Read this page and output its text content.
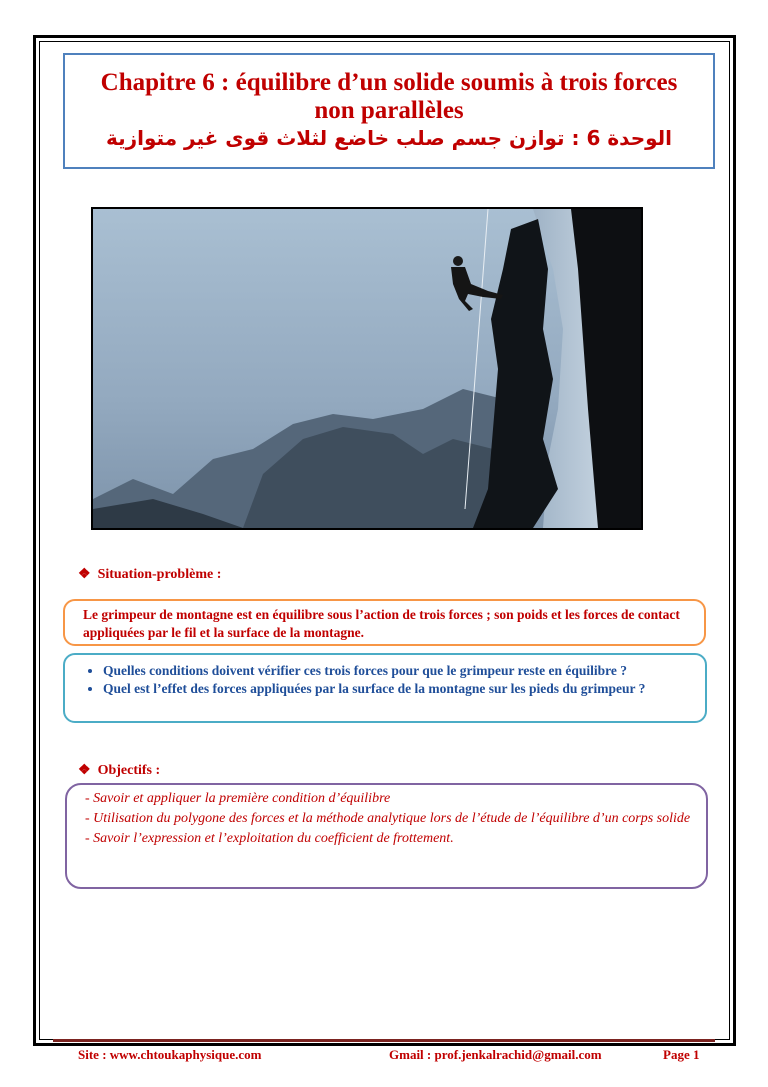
Chapitre 6 : équilibre d’un solide soumis à trois forces
non parallèles
الوحدة 6 : توازن جسم صلب خاضع لثلاث قوى غير متوازية
❖ Situation-problème :

Le grimpeur de montagne est en équilibre sous l’action de trois forces ; son poids et les forces de contact appliquées par le fil et la surface de la montagne.

• Quelles conditions doivent vérifier ces trois forces pour que le grimpeur reste en équilibre ?
• Quel est l’effet des forces appliquées par la surface de la montagne sur les pieds du grimpeur ?
❖ Objectifs :

- Savoir et appliquer la première condition d’équilibre

- Utilisation du polygone des forces et la méthode analytique lors de l’étude de l’équilibre d’un corps solide

- Savoir l’expression et l’exploitation du coefficient de frottement.

Site : www.chtoukaphysique.com	Gmail : prof.jenkalrachid@gmail.com	Page 1
